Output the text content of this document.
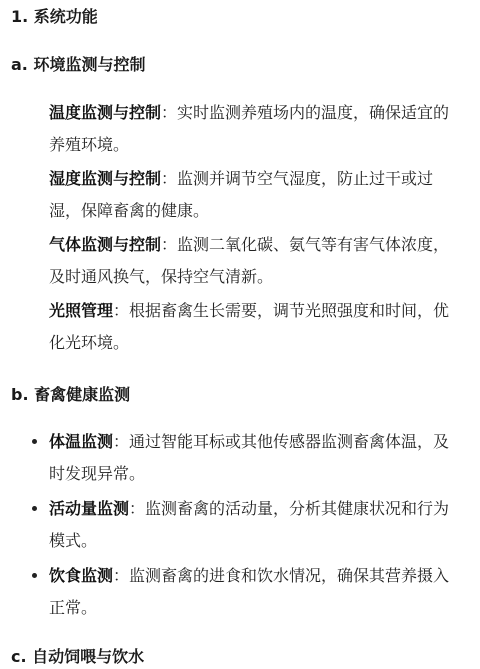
1. 系统功能
a. 环境监测与控制
温度监测与控制：实时监测养殖场内的温度，确保适宜的养殖环境。
湿度监测与控制：监测并调节空气湿度，防止过干或过湿，保障畜禽的健康。
气体监测与控制：监测二氧化碳、氨气等有害气体浓度，及时通风换气，保持空气清新。
光照管理：根据畜禽生长需要，调节光照强度和时间，优化光环境。
b. 畜禽健康监测
体温监测：通过智能耳标或其他传感器监测畜禽体温，及时发现异常。
活动量监测：监测畜禽的活动量，分析其健康状况和行为模式。
饮食监测：监测畜禽的进食和饮水情况，确保其营养摄入正常。
c. 自动饲喂与饮水
